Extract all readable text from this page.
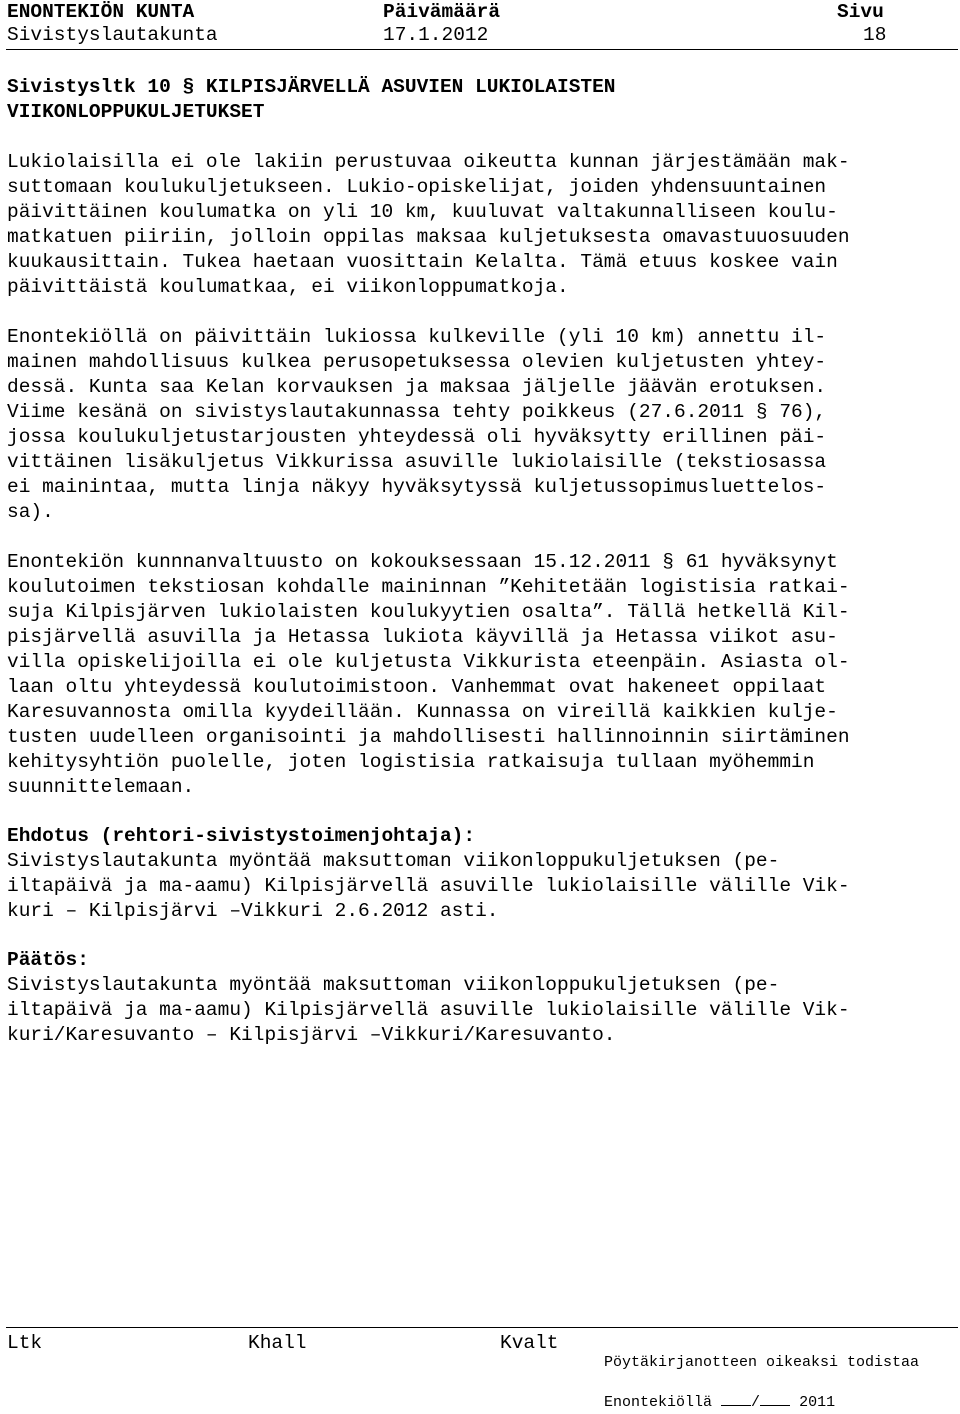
ENONTEKIÖN KUNTA	Päivämäärä	Sivu
Sivistyslautakunta	17.1.2012	18
Sivistysltk 10 § KILPISJÄRVELLÄ ASUVIEN LUKIOLAISTEN
VIIKONLOPPUKULJETUKSET
Lukiolaisilla ei ole lakiin perustuvaa oikeutta kunnan järjestämään mak-
suttomaan koulukuljetukseen. Lukio-opiskelijat, joiden yhdensuuntainen
päivittäinen koulumatka on yli 10 km, kuuluvat valtakunnalliseen koulu-
matkatuen piiriin, jolloin oppilas maksaa kuljetuksesta omavastuuosuuden
kuukausittain. Tukea haetaan vuosittain Kelalta. Tämä etuus koskee vain
päivittäistä koulumatkaa, ei viikonloppumatkoja.
Enontekiöllä on päivittäin lukiossa kulkeville (yli 10 km) annettu il-
mainen mahdollisuus kulkea perusopetuksessa olevien kuljetusten yhtey-
dessä. Kunta saa Kelan korvauksen ja maksaa jäljelle jäävän erotuksen.
Viime kesänä on sivistyslautakunnassa tehty poikkeus (27.6.2011 § 76),
jossa koulukuljetustarjousten yhteydessä oli hyväksytty erillinen päi-
vittäinen lisäkuljetus Vikkurissa asuville lukiolaisille (tekstiosassa
ei mainintaa, mutta linja näkyy hyväksytyssä kuljetussopimusluettelos-
sa).
Enontekiön kunnnanvaltuusto on kokouksessaan 15.12.2011 § 61 hyväksynyt
koulutoimen tekstiosan kohdalle maininnan ”Kehitetään logistisia ratkai-
suja Kilpisjärven lukiolaisten koulukyytien osalta”. Tällä hetkellä Kil-
pisjärvellä asuvilla ja Hetassa lukiota käyvillä ja Hetassa viikot asu-
villa opiskelijoilla ei ole kuljetusta Vikkurista eteenpäin. Asiasta ol-
laan oltu yhteydessä koulutoimistoon. Vanhemmat ovat hakeneet oppilaat
Karesuvannosta omilla kyydeillään. Kunnassa on vireillä kaikkien kulje-
tusten uudelleen organisointi ja mahdollisesti hallinnoinnin siirtäminen
kehitysyhtiön puolelle, joten logistisia ratkaisuja tullaan myöhemmin
suunnittelemaan.
Ehdotus (rehtori-sivistystoimenjohtaja):
Sivistyslautakunta myöntää maksuttoman viikonloppukuljetuksen (pe-
iltapäivä ja ma-aamu) Kilpisjärvellä asuville lukiolaisille välille Vik-
kuri – Kilpisjärvi –Vikkuri 2.6.2012 asti.
Päätös:
Sivistyslautakunta myöntää maksuttoman viikonloppukuljetuksen (pe-
iltapäivä ja ma-aamu) Kilpisjärvellä asuville lukiolaisille välille Vik-
kuri/Karesuvanto – Kilpisjärvi –Vikkuri/Karesuvanto.
Ltk	Khall	Kvalt
Pöytäkirjanotteen oikeaksi todistaa
Enontekiöllä	/	2011
